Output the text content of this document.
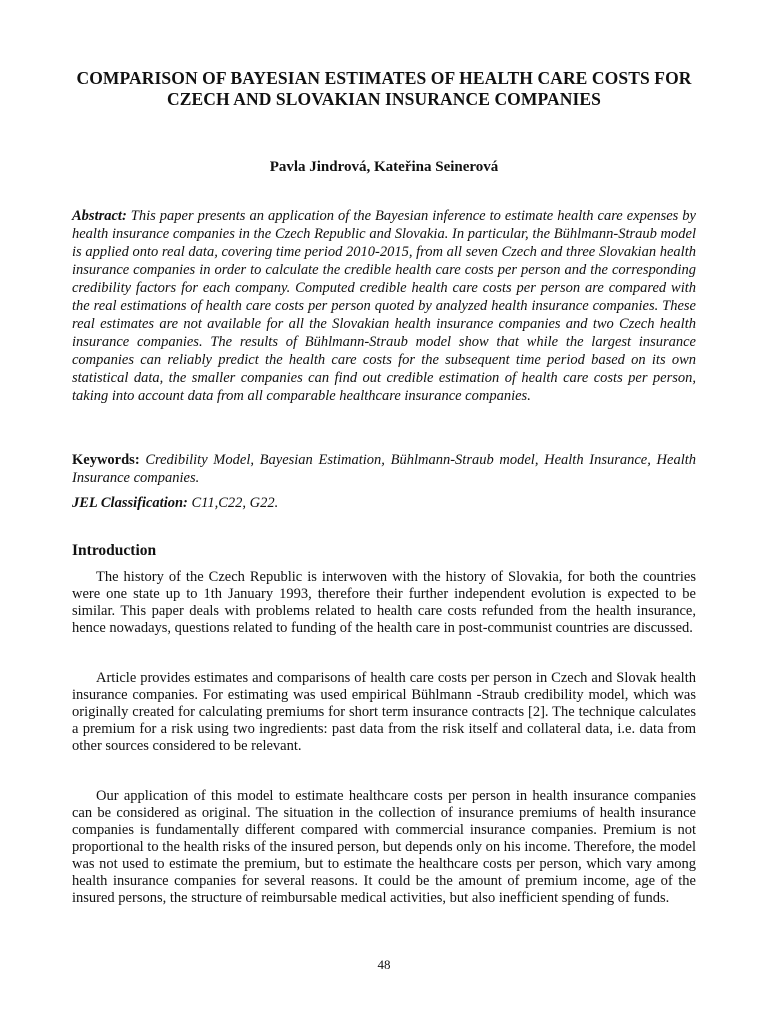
COMPARISON OF BAYESIAN ESTIMATES OF HEALTH CARE COSTS FOR CZECH AND SLOVAKIAN INSURANCE COMPANIES
Pavla Jindrová, Kateřina Seinerová

Abstract: This paper presents an application of the Bayesian inference to estimate health care expenses by health insurance companies in the Czech Republic and Slovakia. In particular, the Bühlmann-Straub model is applied onto real data, covering time period 2010-2015, from all seven Czech and three Slovakian health insurance companies in order to calculate the credible health care costs per person and the corresponding credibility factors for each company. Computed credible health care costs per person are compared with the real estimations of health care costs per person quoted by analyzed health insurance companies. These real estimates are not available for all the Slovakian health insurance companies and two Czech health insurance companies. The results of Bühlmann-Straub model show that while the largest insurance companies can reliably predict the health care costs for the subsequent time period based on its own statistical data, the smaller companies can find out credible estimation of health care costs per person, taking into account data from all comparable healthcare insurance companies.

Keywords: Credibility Model, Bayesian Estimation, Bühlmann-Straub model, Health Insurance, Health Insurance companies.

JEL Classification: C11,C22, G22.

Introduction

The history of the Czech Republic is interwoven with the history of Slovakia, for both the countries were one state up to 1th January 1993, therefore their further independent evolution is expected to be similar. This paper deals with problems related to health care costs refunded from the health insurance, hence nowadays, questions related to funding of the health care in post-communist countries are discussed.

Article provides estimates and comparisons of health care costs per person in Czech and Slovak health insurance companies. For estimating was used empirical Bühlmann -Straub credibility model, which was originally created for calculating premiums for short term insurance contracts [2]. The technique calculates a premium for a risk using two ingredients: past data from the risk itself and collateral data, i.e. data from other sources considered to be relevant.

Our application of this model to estimate healthcare costs per person in health insurance companies can be considered as original. The situation in the collection of insurance premiums of health insurance companies is fundamentally different compared with commercial insurance companies. Premium is not proportional to the health risks of the insured person, but depends only on his income. Therefore, the model was not used to estimate the premium, but to estimate the healthcare costs per person, which vary among health insurance companies for several reasons. It could be the amount of premium income, age of the insured persons, the structure of reimbursable medical activities, but also inefficient spending of funds.

48
